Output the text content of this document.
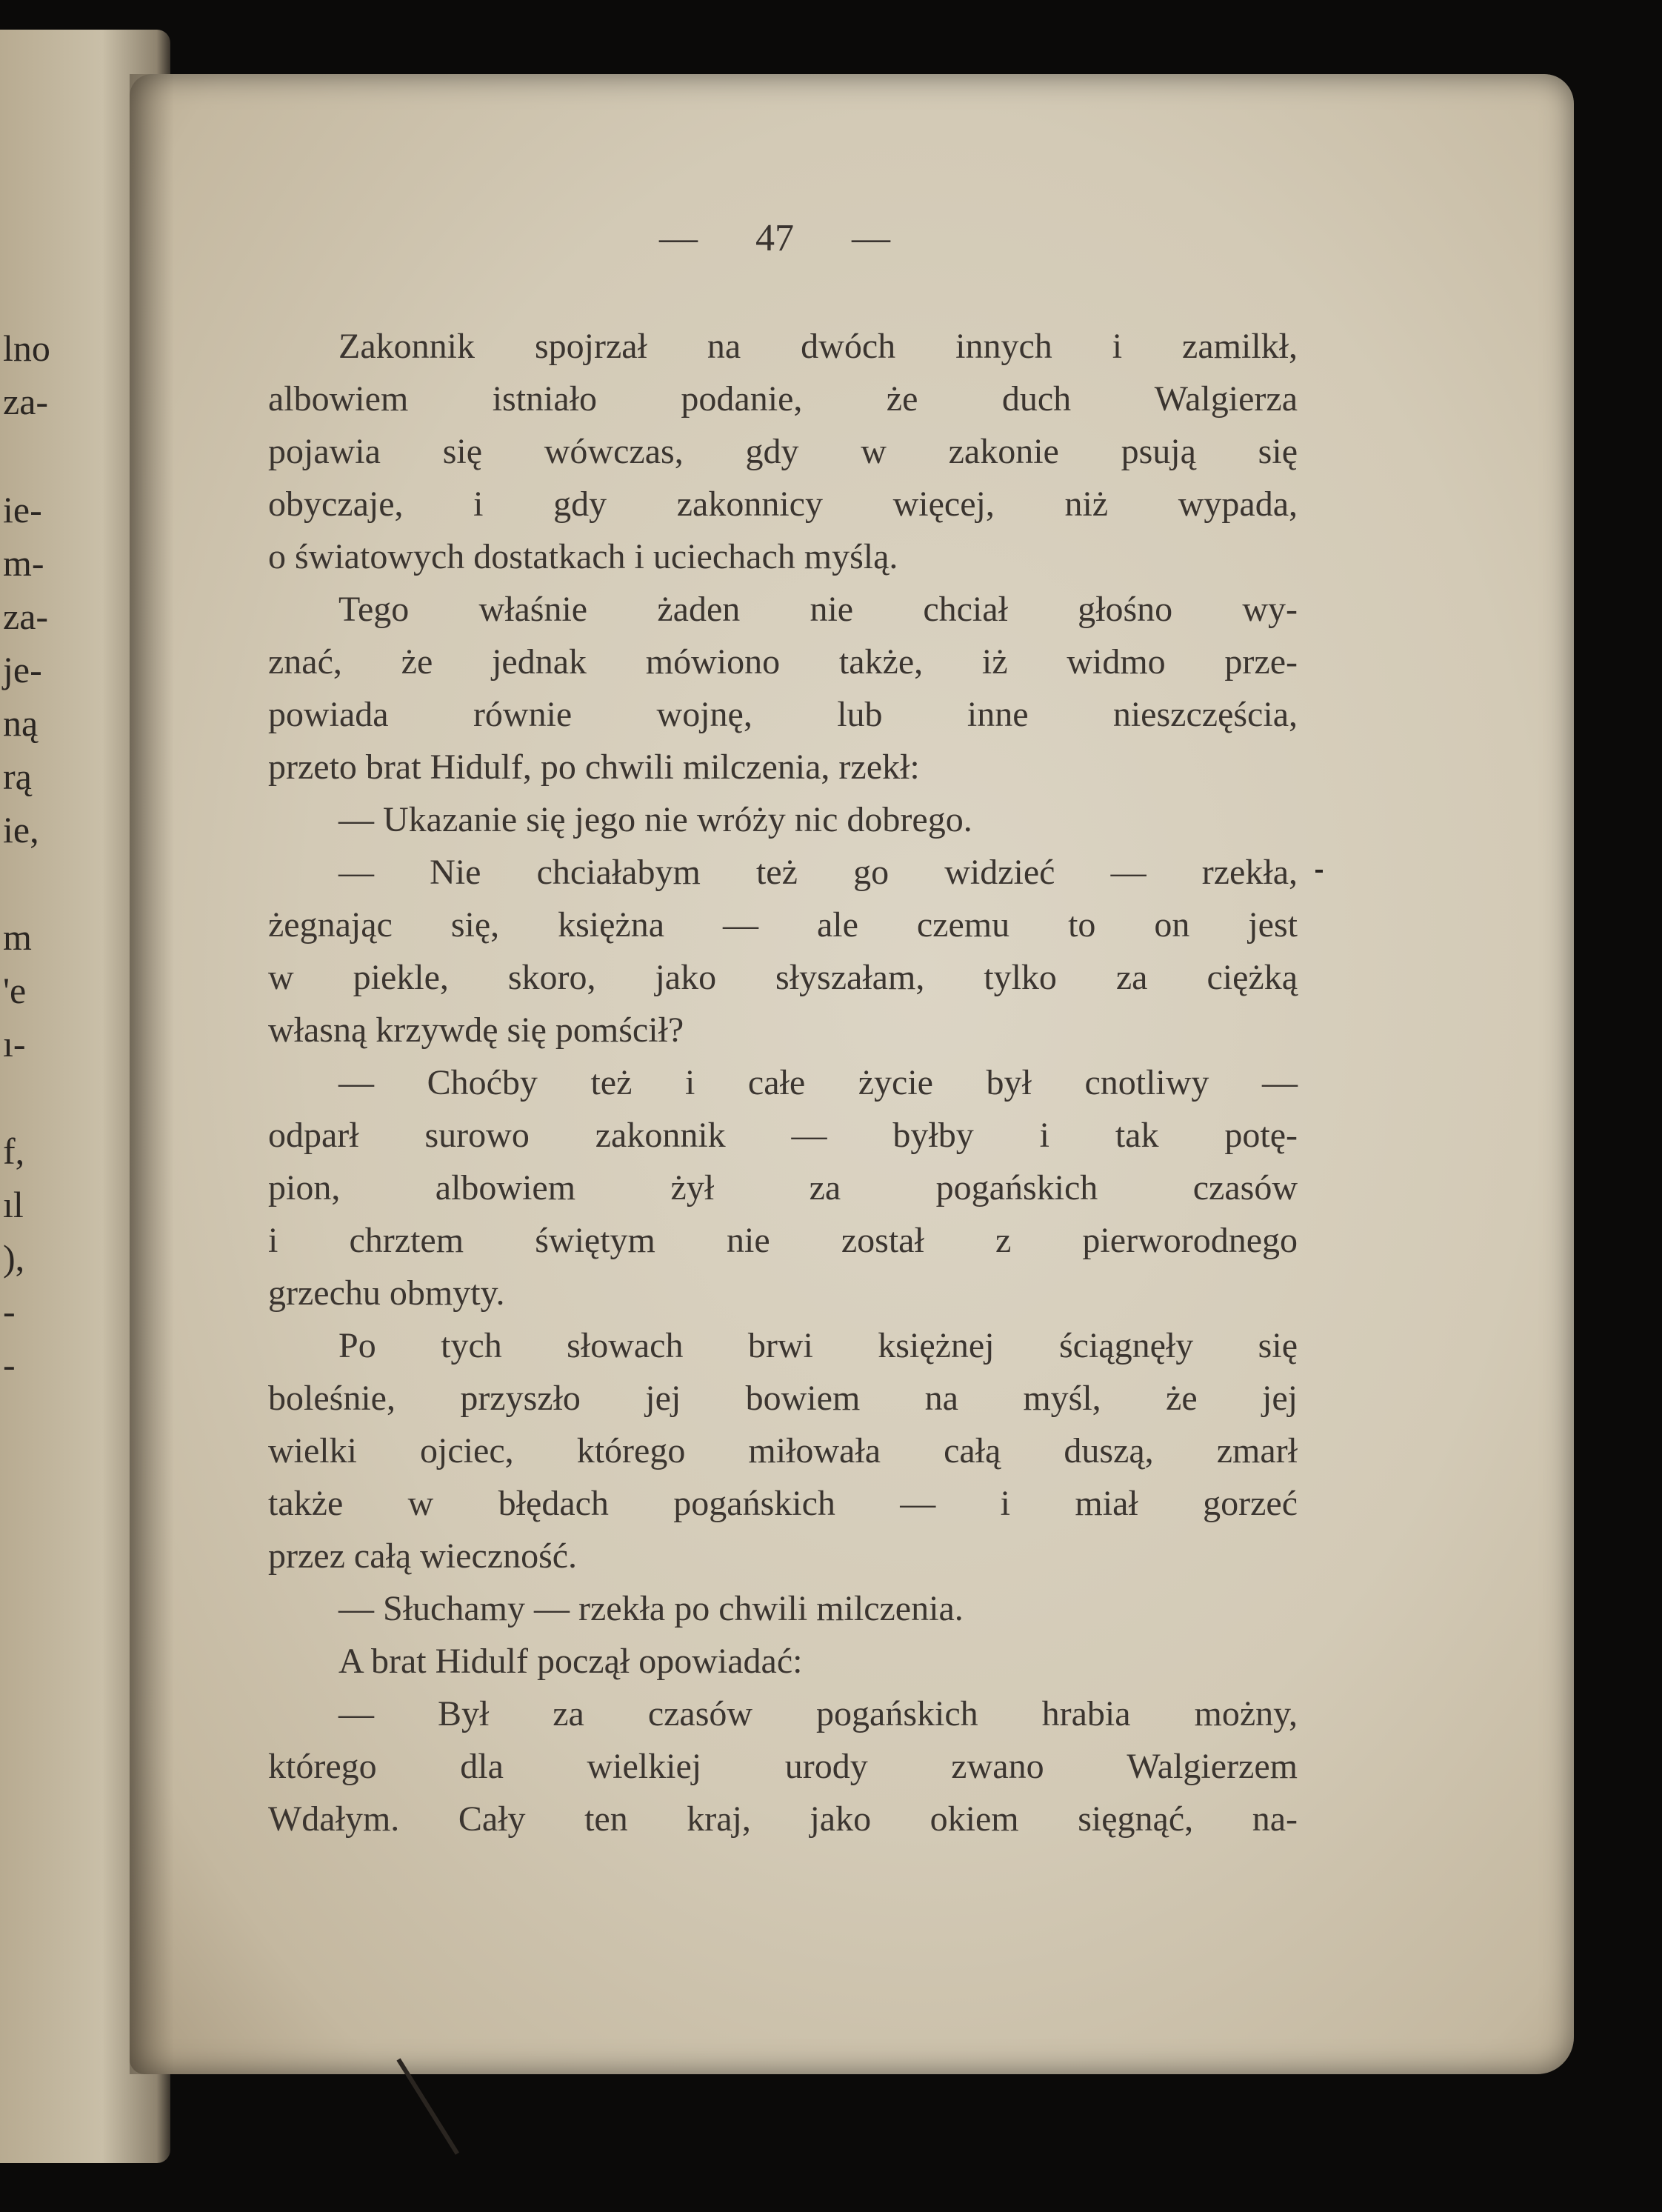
lno

za-

ie-

m-

za-

je-

ną

rą

ie,

m

'e

ı-

f,

ıl

),

-

-

— 47 —
Zakonnik spojrzał na dwóch innych i zamilkł,
albowiem istniało podanie, że duch Walgierza
pojawia się wówczas, gdy w zakonie psują się
obyczaje, i gdy zakonnicy więcej, niż wypada,
o światowych dostatkach i uciechach myślą.
Tego właśnie żaden nie chciał głośno wy-
znać, że jednak mówiono także, iż widmo prze-
powiada równie wojnę, lub inne nieszczęścia,
przeto brat Hidulf, po chwili milczenia, rzekł:
— Ukazanie się jego nie wróży nic dobrego.
— Nie chciałabym też go widzieć — rzekła,
żegnając się, księżna — ale czemu to on jest
w piekle, skoro, jako słyszałam, tylko za ciężką
własną krzywdę się pomścił?
— Choćby też i całe życie był cnotliwy —
odparł surowo zakonnik — byłby i tak potę-
pion, albowiem żył za pogańskich czasów
i chrztem świętym nie został z pierworodnego
grzechu obmyty.
Po tych słowach brwi księżnej ściągnęły się
boleśnie, przyszło jej bowiem na myśl, że jej
wielki ojciec, którego miłowała całą duszą, zmarł
także w błędach pogańskich — i miał gorzeć
przez całą wieczność.
— Słuchamy — rzekła po chwili milczenia.
A brat Hidulf począł opowiadać:
— Był za czasów pogańskich hrabia możny,
którego dla wielkiej urody zwano Walgierzem
Wdałym. Cały ten kraj, jako okiem sięgnąć, na-
